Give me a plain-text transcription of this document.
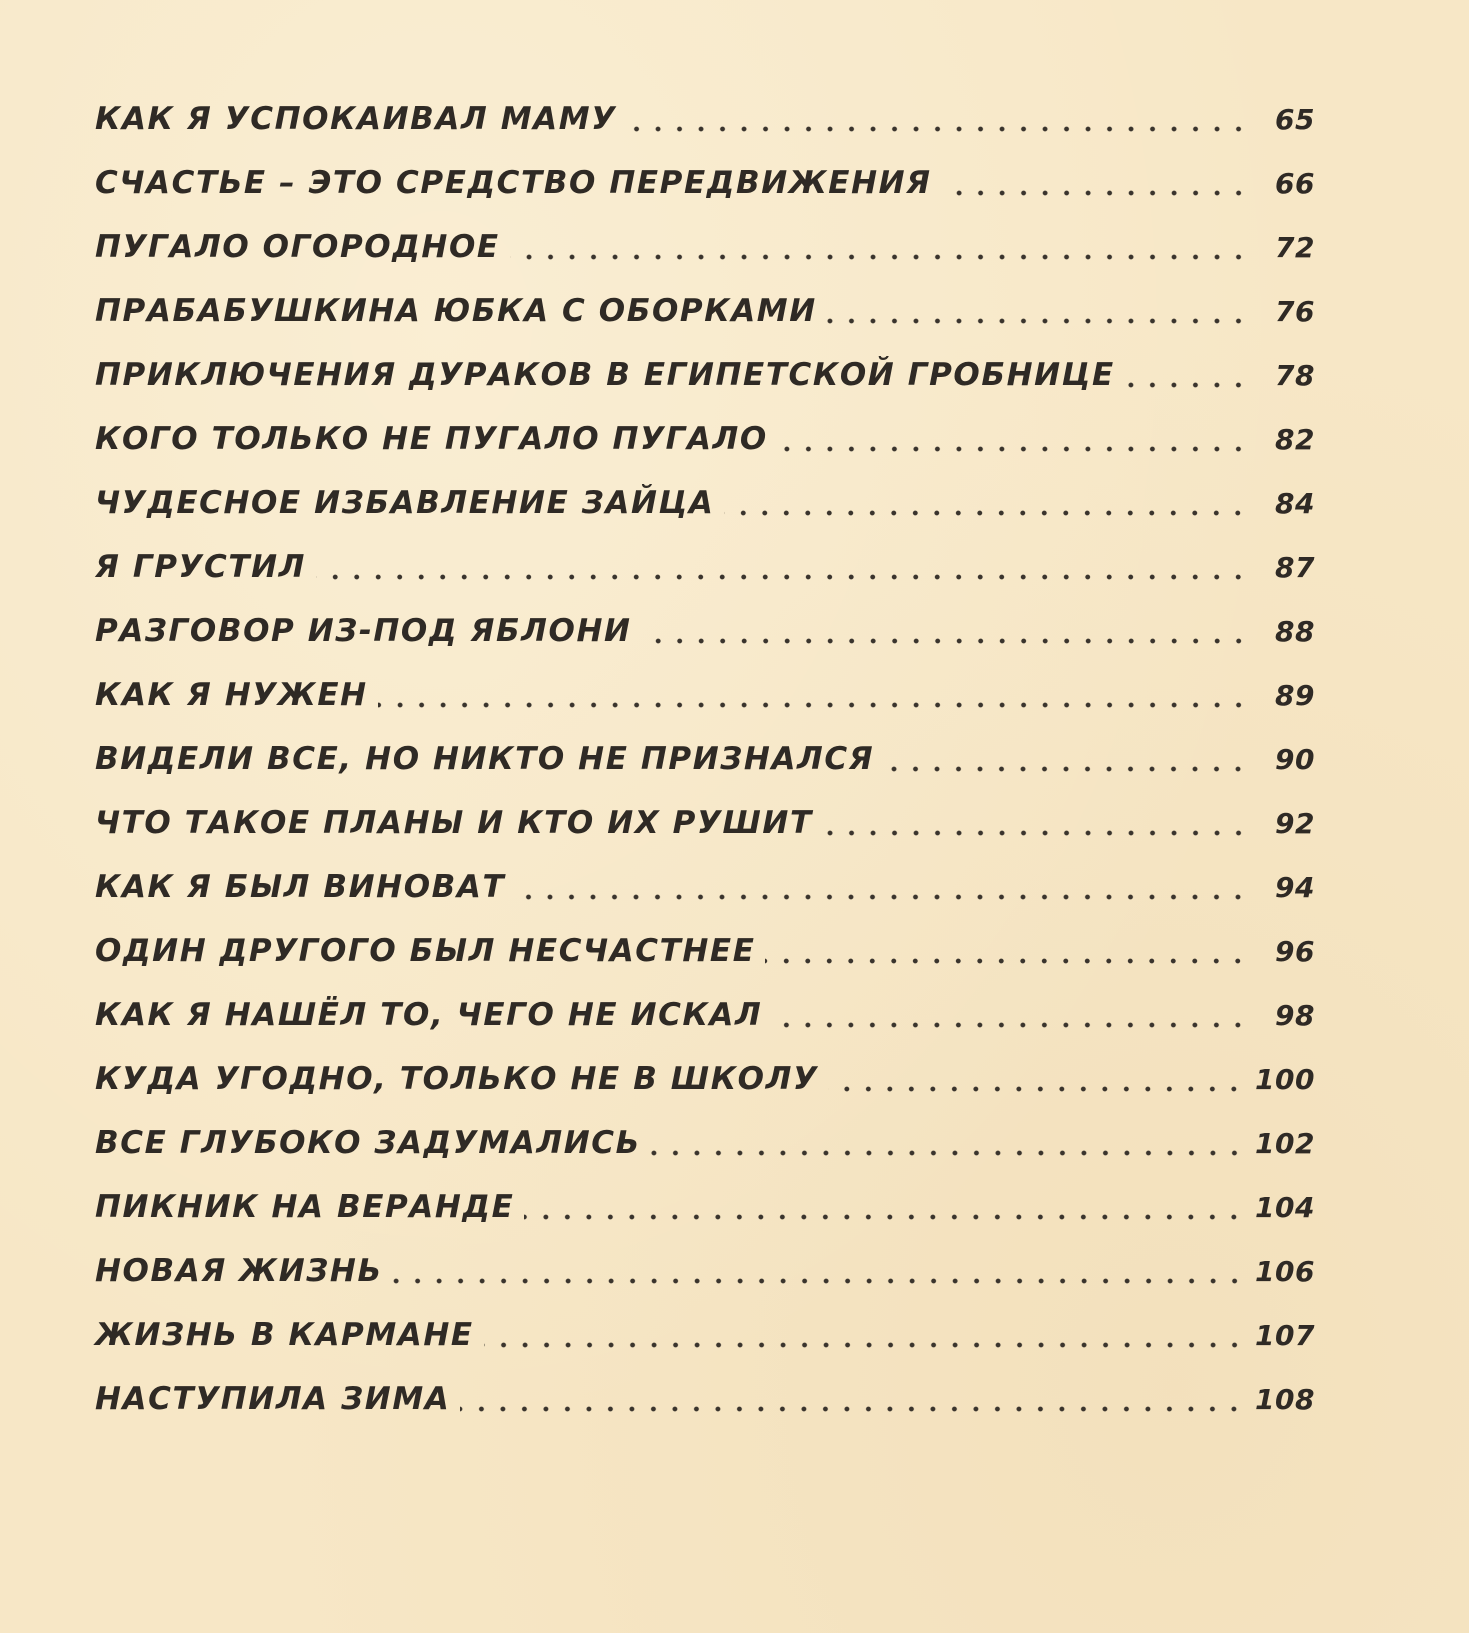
КАК Я УСПОКАИВАЛ МАМУ	65
СЧАСТЬЕ – ЭТО СРЕДСТВО ПЕРЕДВИЖЕНИЯ	66
ПУГАЛО ОГОРОДНОЕ	72
ПРАБАБУШКИНА ЮБКА С ОБОРКАМИ	76
ПРИКЛЮЧЕНИЯ ДУРАКОВ В ЕГИПЕТСКОЙ ГРОБНИЦЕ	78
КОГО ТОЛЬКО НЕ ПУГАЛО ПУГАЛО	82
ЧУДЕСНОЕ ИЗБАВЛЕНИЕ ЗАЙЦА	84
Я ГРУСТИЛ	87
РАЗГОВОР ИЗ-ПОД ЯБЛОНИ	88
КАК Я НУЖЕН	89
ВИДЕЛИ ВСЕ, НО НИКТО НЕ ПРИЗНАЛСЯ	90
ЧТО ТАКОЕ ПЛАНЫ И КТО ИХ РУШИТ	92
КАК Я БЫЛ ВИНОВАТ	94
ОДИН ДРУГОГО БЫЛ НЕСЧАСТНЕЕ	96
КАК Я НАШЁЛ ТО, ЧЕГО НЕ ИСКАЛ	98
КУДА УГОДНО, ТОЛЬКО НЕ В ШКОЛУ	100
ВСЕ ГЛУБОКО ЗАДУМАЛИСЬ	102
ПИКНИК НА ВЕРАНДЕ	104
НОВАЯ ЖИЗНЬ	106
ЖИЗНЬ В КАРМАНЕ	107
НАСТУПИЛА ЗИМА	108
